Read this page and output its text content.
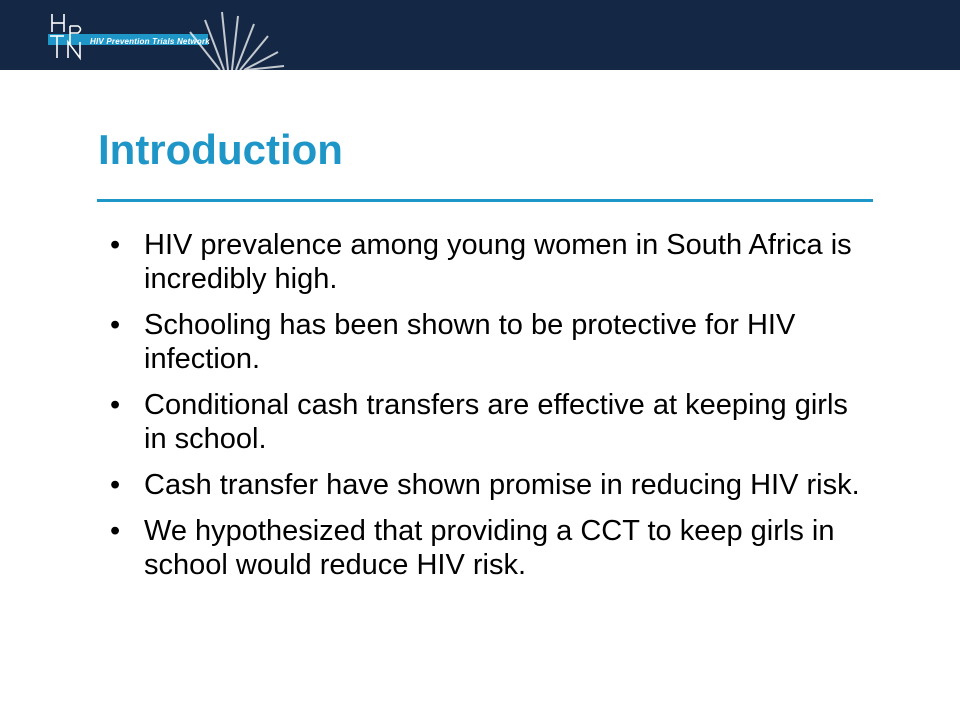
HIV Prevention Trials Network
Introduction
• HIV prevalence among young women in South Africa is incredibly high.
• Schooling has been shown to be protective for HIV infection.
• Conditional cash transfers are effective at keeping girls in school.
• Cash transfer have shown promise in reducing HIV risk.
• We hypothesized that providing a CCT to keep girls in school would reduce HIV risk.
